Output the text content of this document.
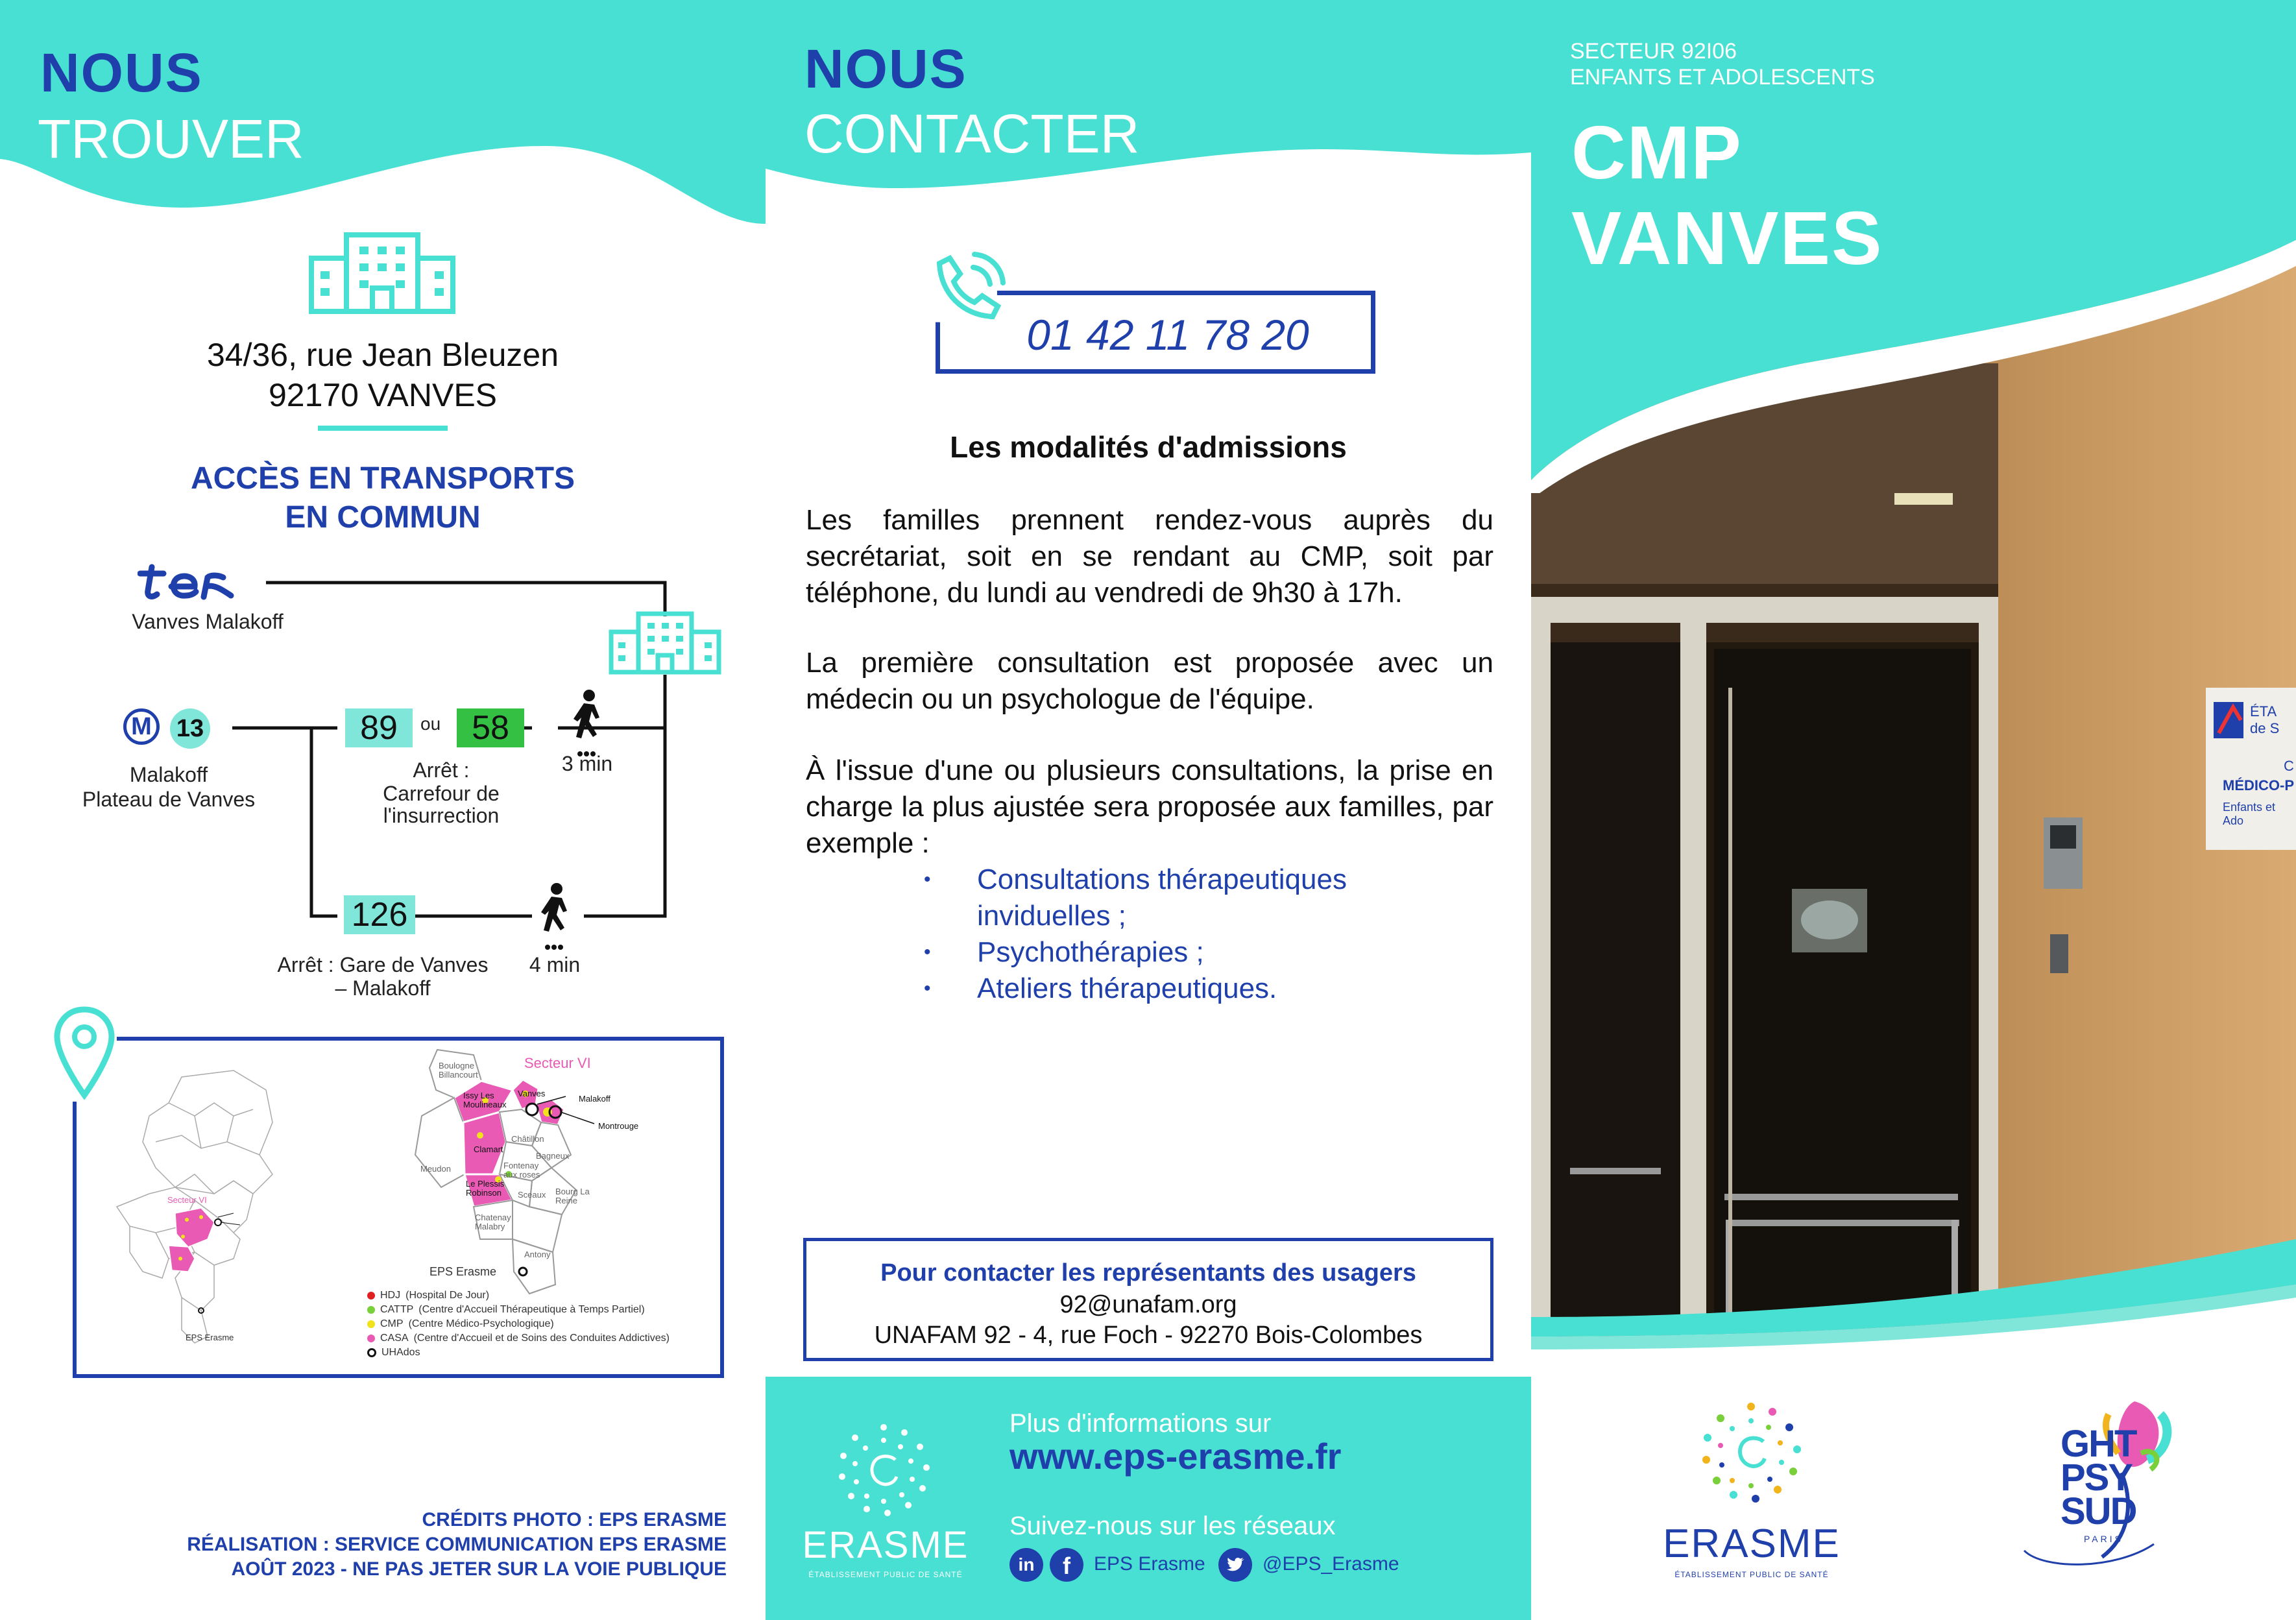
NOUS
TROUVER
34/36, rue Jean Bleuzen
92170 VANVES
ACCÈS EN TRANSPORTS
EN COMMUN
Vanves Malakoff
M	13
Malakoff
Plateau de Vanves
89	ou 58
Arrêt :
Carrefour de
l'insurrection
3 min
126
Arrêt : Gare de Vanves
– Malakoff
4 min
Secteur VI
EPS Erasme
Secteur VI
Boulogne Billancourt
Issy Les Moulineaux
Vanves
Malakoff
Montrouge
Meudon
Clamart
Châtillon
Bagneux
Fontenay aux roses
Le Plessis Robinson	Sceaux Bourg La Reine
Chatenay Malabry
Antony
EPS Erasme
HDJ (Hospital De Jour)
CATTP (Centre d'Accueil Thérapeutique à Temps Partiel)
CMP (Centre Médico-Psychologique)
CASA (Centre d'Accueil et de Soins des Conduites Addictives)
UHAdos
CRÉDITS PHOTO : EPS ERASME
RÉALISATION : SERVICE COMMUNICATION EPS ERASME
AOÛT 2023 - NE PAS JETER SUR LA VOIE PUBLIQUE
NOUS
CONTACTER
01 42 11 78 20
Les modalités d'admissions
Les familles prennent rendez-vous auprès du secrétariat, soit en se rendant au CMP, soit par téléphone, du lundi au vendredi de 9h30 à 17h.
La première consultation est proposée avec un médecin ou un psychologue de l'équipe.
À l'issue d'une ou plusieurs consultations, la prise en charge la plus ajustée sera proposée aux familles, par exemple :
•	Consultations thérapeutiques inviduelles ;
•	Psychothérapies ;
•	Ateliers thérapeutiques.
Pour contacter les représentants des usagers
92@unafam.org
UNAFAM 92 - 4, rue Foch - 92270 Bois-Colombes
ERASME
ÉTABLISSEMENT PUBLIC DE SANTÉ
Plus d'informations sur
www.eps-erasme.fr
Suivez-nous sur les réseaux
in	f	EPS Erasme	@EPS_Erasme
ÉTA
de S
C
MÉDICO-P
Enfants et Ado
SECTEUR 92I06
ENFANTS ET ADOLESCENTS
CMP
VANVES
ERASME
ÉTABLISSEMENT PUBLIC DE SANTÉ
GHT
PSY
SUD
PARIS
